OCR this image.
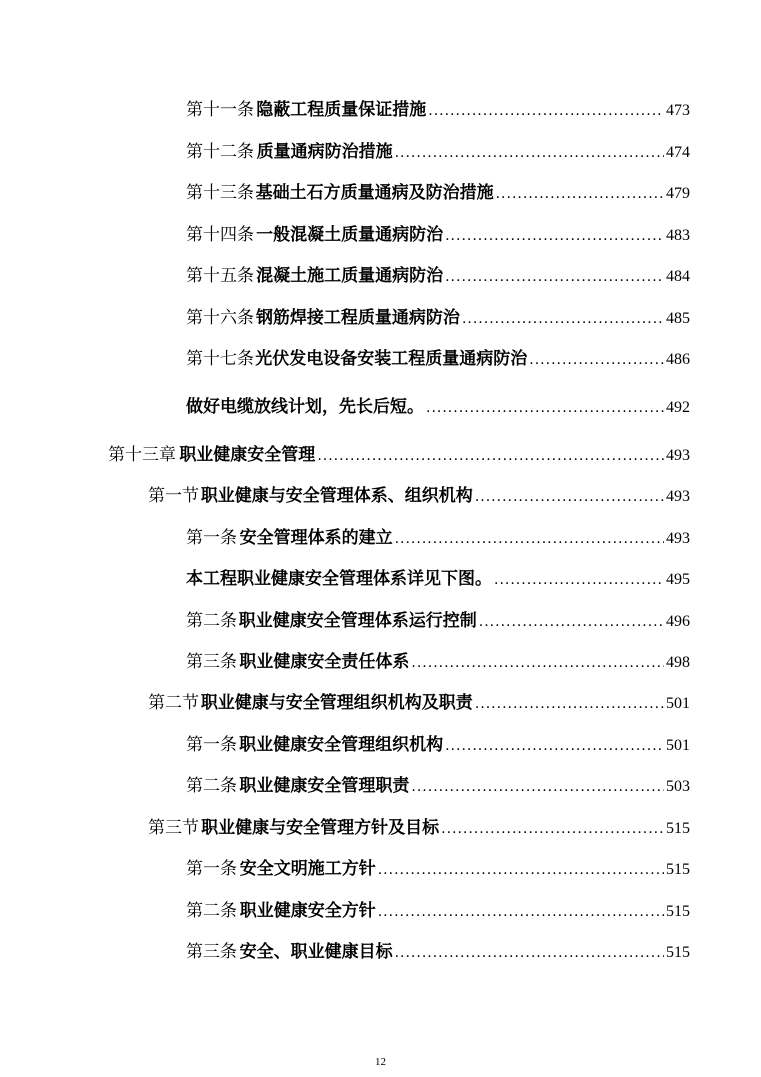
第十一条 隐蔽工程质量保证措施 .....	473
第十二条 质量通病防治措施 .....	474
第十三条 基础土石方质量通病及防治措施 .....	479
第十四条 一般混凝土质量通病防治 .....	483
第十五条 混凝土施工质量通病防治 .....	484
第十六条 钢筋焊接工程质量通病防治 .....	485
第十七条 光伏发电设备安装工程质量通病防治 .....	486
做好电缆放线计划，先长后短。 .....	492
第十三章 职业健康安全管理 .....	493
第一节 职业健康与安全管理体系、组织机构 .....	493
第一条 安全管理体系的建立 .....	493
本工程职业健康安全管理体系详见下图。 .....	495
第二条 职业健康安全管理体系运行控制 .....	496
第三条 职业健康安全责任体系 .....	498
第二节 职业健康与安全管理组织机构及职责 .....	501
第一条 职业健康安全管理组织机构 .....	501
第二条 职业健康安全管理职责 .....	503
第三节 职业健康与安全管理方针及目标 .....	515
第一条 安全文明施工方针 .....	515
第二条 职业健康安全方针 .....	515
第三条 安全、职业健康目标 .....	515
12
